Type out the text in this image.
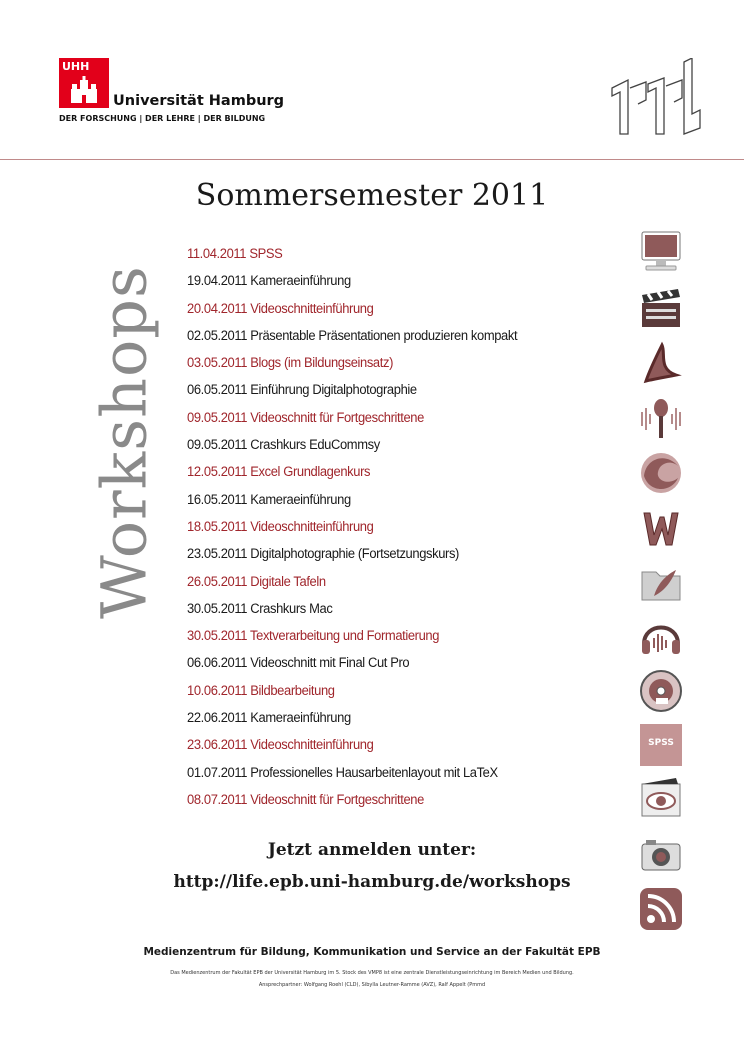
UHH
Universität Hamburg
DER FORSCHUNG | DER LEHRE | DER BILDUNG
Sommersemester 2011
Workshops
11.04.2011 SPSS
19.04.2011 Kameraeinführung
20.04.2011 Videoschnitteinführung
02.05.2011 Präsentable Präsentationen produzieren kompakt
03.05.2011 Blogs (im Bildungseinsatz)
06.05.2011 Einführung Digitalphotographie
09.05.2011 Videoschnitt für Fortgeschrittene
09.05.2011 Crashkurs EduCommsy
12.05.2011 Excel Grundlagenkurs
16.05.2011 Kameraeinführung
18.05.2011 Videoschnitteinführung
23.05.2011 Digitalphotographie (Fortsetzungskurs)
26.05.2011 Digitale Tafeln
30.05.2011 Crashkurs Mac
30.05.2011 Textverarbeitung und Formatierung
06.06.2011 Videoschnitt mit Final Cut Pro
10.06.2011 Bildbearbeitung
22.06.2011 Kameraeinführung
23.06.2011 Videoschnitteinführung
01.07.2011 Professionelles Hausarbeitenlayout mit LaTeX
08.07.2011 Videoschnitt für Fortgeschrittene
SPSS
Jetzt anmelden unter:
http://life.epb.uni-hamburg.de/workshops
Medienzentrum für Bildung, Kommunikation und Service an der Fakultät EPB
Das Medienzentrum der Fakultät EPB der Universität Hamburg im 5. Stock des VMP8 ist eine zentrale Dienstleistungseinrichtung im Bereich Medien und Bildung.
Ansprechpartner: Wolfgang Roehl (CLD), Sibylla Leutner-Ramme (AVZ), Ralf Appelt (Pmmd
